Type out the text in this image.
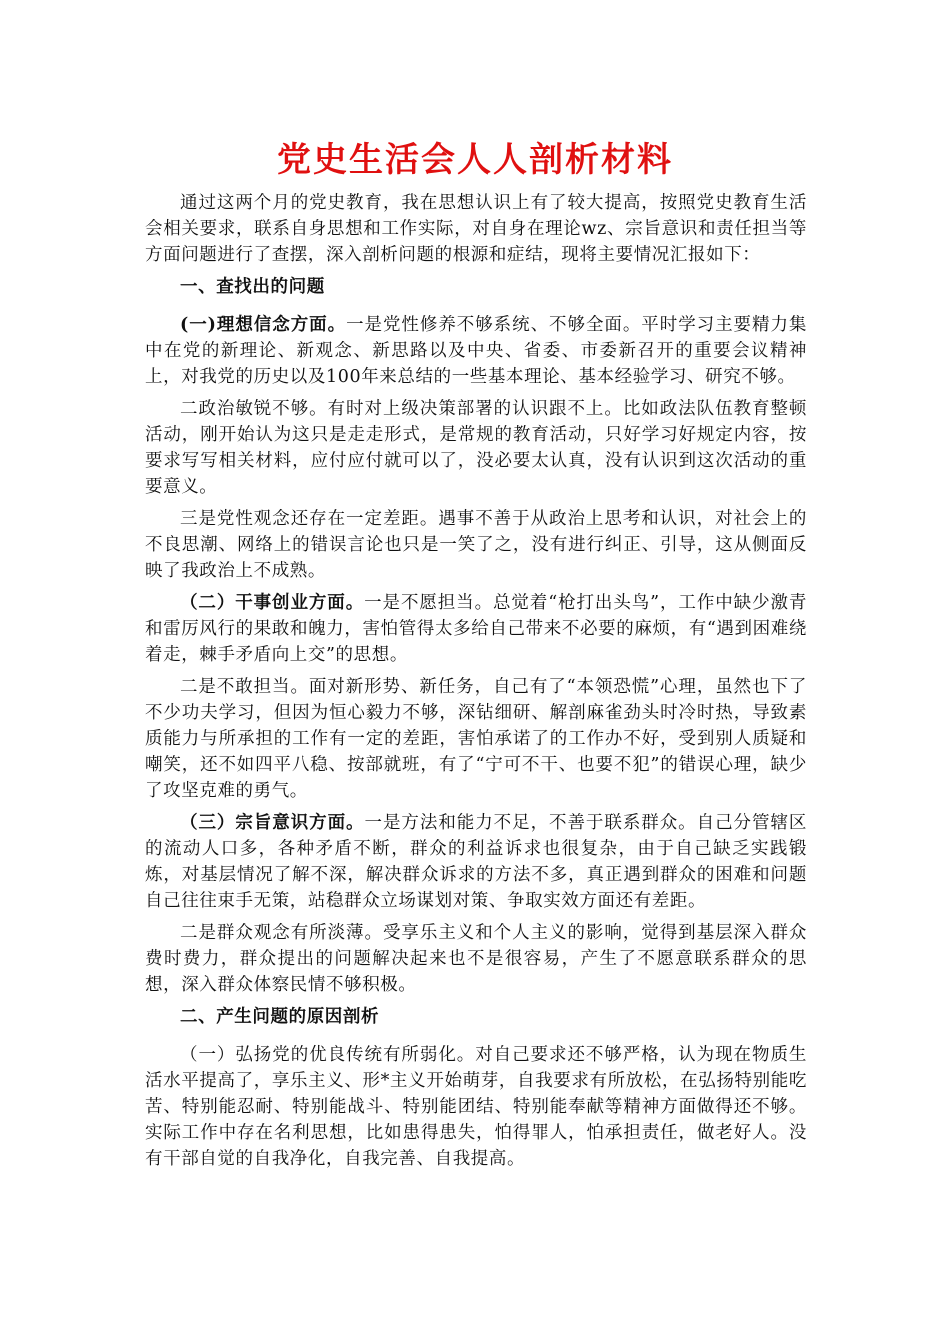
党史生活会人人剖析材料

通过这两个月的党史教育，我在思想认识上有了较大提高，按照党史教育生活会相关要求，联系自身思想和工作实际，对自身在理论wz、宗旨意识和责任担当等方面问题进行了查摆，深入剖析问题的根源和症结，现将主要情况汇报如下：

一、查找出的问题

(一)理想信念方面。一是党性修养不够系统、不够全面。平时学习主要精力集中在党的新理论、新观念、新思路以及中央、省委、市委新召开的重要会议精神上，对我党的历史以及100年来总结的一些基本理论、基本经验学习、研究不够。

二政治敏锐不够。有时对上级决策部署的认识跟不上。比如政法队伍教育整顿活动，刚开始认为这只是走走形式，是常规的教育活动，只好学习好规定内容，按要求写写相关材料，应付应付就可以了，没必要太认真，没有认识到这次活动的重要意义。

三是党性观念还存在一定差距。遇事不善于从政治上思考和认识，对社会上的不良思潮、网络上的错误言论也只是一笑了之，没有进行纠正、引导，这从侧面反映了我政治上不成熟。

（二）干事创业方面。一是不愿担当。总觉着“枪打出头鸟”，工作中缺少激青和雷厉风行的果敢和魄力，害怕管得太多给自己带来不必要的麻烦，有“遇到困难绕着走，棘手矛盾向上交”的思想。

二是不敢担当。面对新形势、新任务，自己有了“本领恐慌”心理，虽然也下了不少功夫学习，但因为恒心毅力不够，深钻细研、解剖麻雀劲头时冷时热，导致素质能力与所承担的工作有一定的差距，害怕承诺了的工作办不好，受到别人质疑和嘲笑，还不如四平八稳、按部就班，有了“宁可不干、也要不犯”的错误心理，缺少了攻坚克难的勇气。

（三）宗旨意识方面。一是方法和能力不足，不善于联系群众。自己分管辖区的流动人口多，各种矛盾不断，群众的利益诉求也很复杂，由于自己缺乏实践锻炼，对基层情况了解不深，解决群众诉求的方法不多，真正遇到群众的困难和问题自己往往束手无策，站稳群众立场谋划对策、争取实效方面还有差距。

二是群众观念有所淡薄。受享乐主义和个人主义的影响，觉得到基层深入群众费时费力，群众提出的问题解决起来也不是很容易，产生了不愿意联系群众的思想，深入群众体察民情不够积极。

二、产生问题的原因剖析

（一）弘扬党的优良传统有所弱化。对自己要求还不够严格，认为现在物质生活水平提高了，享乐主义、形*主义开始萌芽，自我要求有所放松，在弘扬特别能吃苦、特别能忍耐、特别能战斗、特别能团结、特别能奉献等精神方面做得还不够。实际工作中存在名利思想，比如患得患失，怕得罪人，怕承担责任，做老好人。没有干部自觉的自我净化，自我完善、自我提高。
